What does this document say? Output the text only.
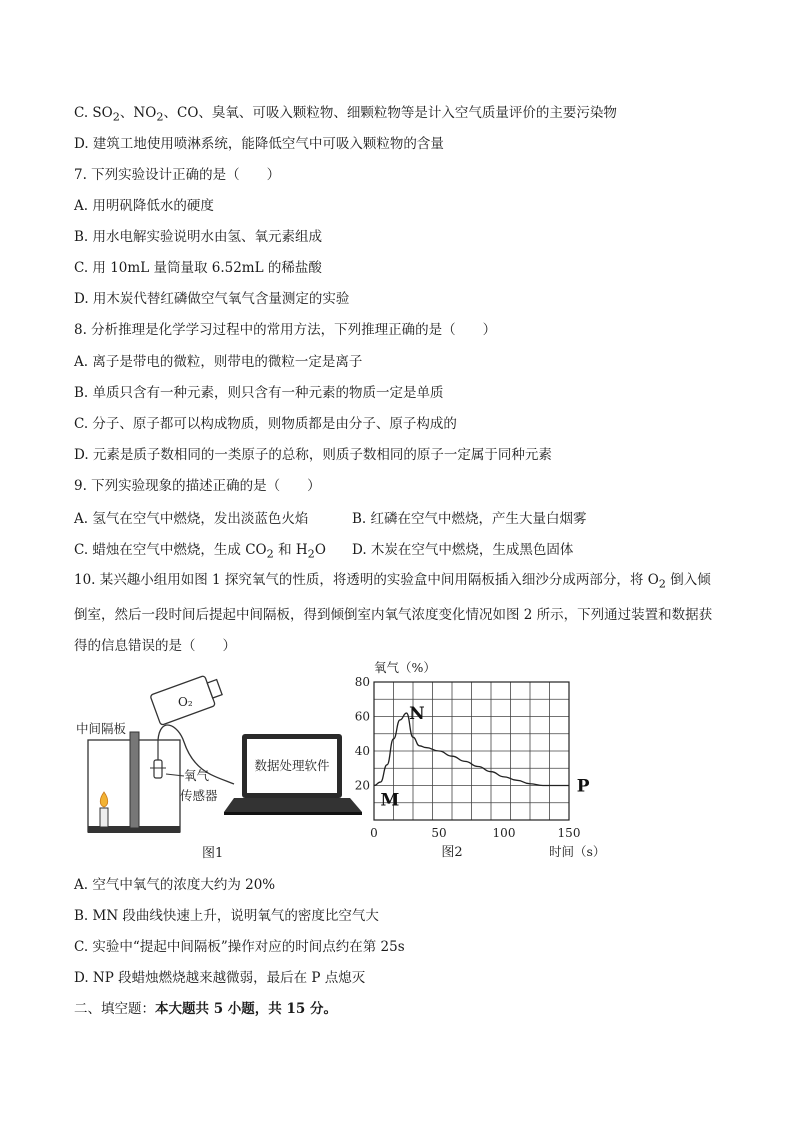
C. $SO_2$、$NO_2$、CO、臭氧、可吸入颗粒物、细颗粒物等是计入空气质量评价的主要污染物
D. 建筑工地使用喷淋系统，能降低空气中可吸入颗粒物的含量
7. 下列实验设计正确的是（　　）
A. 用明矾降低水的硬度
B. 用水电解实验说明水由氢、氧元素组成
C. 用 10mL 量筒量取 6.52mL 的稀盐酸
D. 用木炭代替红磷做空气氧气含量测定的实验
8. 分析推理是化学学习过程中的常用方法，下列推理正确的是（　　）
A. 离子是带电的微粒，则带电的微粒一定是离子
B. 单质只含有一种元素，则只含有一种元素的物质一定是单质
C. 分子、原子都可以构成物质，则物质都是由分子、原子构成的
D. 元素是质子数相同的一类原子的总称，则质子数相同的原子一定属于同种元素
9. 下列实验现象的描述正确的是（　　）
A. 氢气在空气中燃烧，发出淡蓝色火焰	B. 红磷在空气中燃烧，产生大量白烟雾
C. 蜡烛在空气中燃烧，生成 $CO_2$ 和 $H_2O$ D. 木炭在空气中燃烧，生成黑色固体
10. 某兴趣小组用如图 1 探究氧气的性质，将透明的实验盒中间用隔板插入细沙分成两部分，将 $O_2$ 倒入倾倒室，然后一段时间后提起中间隔板，得到倾倒室内氧气浓度变化情况如图 2 所示，下列通过装置和数据获得的信息错误的是（　　）
O₂
中间隔板
氧气
传感器
数据处理软件
图1
20
40
60
80
0	50	100	150
氧气（%）
时间（s）
N
M
P
图2
A. 空气中氧气的浓度大约为 20%
B. MN 段曲线快速上升，说明氧气的密度比空气大
C. 实验中“提起中间隔板”操作对应的时间点约在第 25s
D. NP 段蜡烛燃烧越来越微弱，最后在 P 点熄灭
二、填空题：本大题共 5 小题，共 15 分。
